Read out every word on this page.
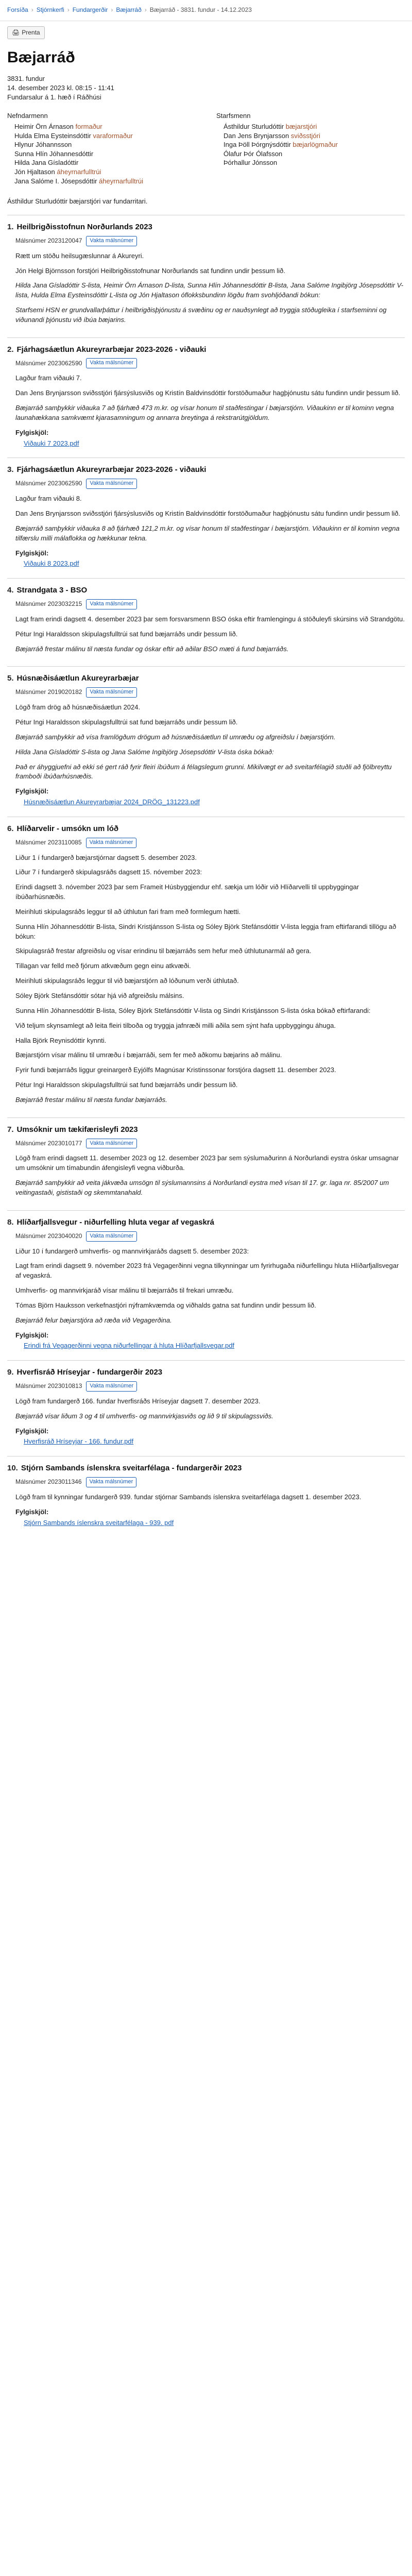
Forsíða › Stjórnkerfi › Fundargerðir › Bæjarráð › Bæjarráð - 3831. fundur - 14.12.2023
🖨 Prenta
Bæjarráð
3831. fundur
14. desember 2023 kl. 08:15 - 11:41
Fundarsalur á 1. hæð í Ráðhúsi
Nefndarmenn
Heimir Örn Árnason formaður
Hulda Elma Eysteinsdóttir varaformaður
Hlynur Jóhannsson
Sunna Hlín Jóhannesdóttir
Hilda Jana Gísladóttir
Jón Hjaltason áheyrnarfulltrúi
Jana Salóme I. Jósepsdóttir áheyrnarfulltrúi
Starfsmenn
Ásthildur Sturludóttir bæjarstjóri
Dan Jens Brynjarsson sviðsstjóri
Inga Þöll Þórgnýsdóttir bæjarlögmaður
Ólafur Þór Ólafsson
Þórhallur Jónsson
Ásthildur Sturludóttir bæjarstjóri var fundarritari.
1. Heilbrigðisstofnun Norðurlands 2023
Málsnúmer 2023120047	Vakta málsnúmer

Rætt um stöðu heilsugæslunnar á Akureyri.

Jón Helgi Björnsson forstjóri Heilbrigðisstofnunar Norðurlands sat fundinn undir þessum lið.

Hilda Jana Gísladóttir S-lista, Heimir Örn Árnason D-lista, Sunna Hlín Jóhannesdóttir B-lista, Jana Salóme Ingibjörg Jósepsdóttir V-lista, Hulda Elma Eysteinsdóttir L-lista og Jón Hjaltason óflokksbundinn lögðu fram svohljóðandi bókun:

Starfsemi HSN er grundvallarþáttur í heilbrigðisþjónustu á svæðinu og er nauðsynlegt að tryggja stöðugleika í starfseminni og viðunandi þjónustu við íbúa bæjarins.

2. Fjárhagsáætlun Akureyrarbæjar 2023-2026 - viðauki
Málsnúmer 2023062590	Vakta málsnúmer

Lagður fram viðauki 7.

Dan Jens Brynjarsson sviðsstjóri fjársýslusviðs og Kristín Baldvinsdóttir forstöðumaður hagþjónustu sátu fundinn undir þessum lið.

Bæjarráð samþykkir viðauka 7 að fjárhæð 473 m.kr. og vísar honum til staðfestingar í bæjarstjórn. Viðaukinn er til kominn vegna launahækkana samkvæmt kjarasamningum og annarra breytinga á rekstrarútgjöldum.

Fylgiskjöl:
Viðauki 7 2023.pdf
3. Fjárhagsáætlun Akureyrarbæjar 2023-2026 - viðauki
Málsnúmer 2023062590	Vakta málsnúmer

Lagður fram viðauki 8.

Dan Jens Brynjarsson sviðsstjóri fjársýslusviðs og Kristín Baldvinsdóttir forstöðumaður hagþjónustu sátu fundinn undir þessum lið.

Bæjarráð samþykkir viðauka 8 að fjárhæð 121,2 m.kr. og vísar honum til staðfestingar í bæjarstjórn. Viðaukinn er til kominn vegna tilfærslu milli málaflokka og hækkunar tekna.

Fylgiskjöl:
Viðauki 8 2023.pdf
4. Strandgata 3 - BSO
Málsnúmer 2023032215	Vakta málsnúmer

Lagt fram erindi dagsett 4. desember 2023 þar sem forsvarsmenn BSO óska eftir framlengingu á stöðuleyfi skúrsins við Strandgötu.

Pétur Ingi Haraldsson skipulagsfulltrúi sat fund bæjarráðs undir þessum lið.

Bæjarráð frestar málinu til næsta fundar og óskar eftir að aðilar BSO mæti á fund bæjarráðs.

5. Húsnæðisáætlun Akureyrarbæjar
Málsnúmer 2019020182	Vakta málsnúmer

Lögð fram drög að húsnæðisáætlun 2024.

Pétur Ingi Haraldsson skipulagsfulltrúi sat fund bæjarráðs undir þessum lið.

Bæjarráð samþykkir að vísa framlögðum drögum að húsnæðisáætlun til umræðu og afgreiðslu í bæjarstjórn.

Hilda Jana Gísladóttir S-lista og Jana Salóme Ingibjörg Jósepsdóttir V-lista óska bókað:

Það er áhyggjuefni að ekki sé gert ráð fyrir fleiri íbúðum á félagslegum grunni. Mikilvægt er að sveitarfélagið stuðli að fjölbreyttu framboði íbúðarhúsnæðis.

Fylgiskjöl:
Húsnæðisáætlun Akureyrarbæjar 2024_DRÖG_131223.pdf
6. Hlíðarvelir - umsókn um lóð
Málsnúmer 2023110085	Vakta málsnúmer

Liður 1 í fundargerð bæjarstjórnar dagsett 5. desember 2023.

Liður 7 í fundargerð skipulagsráðs dagsett 15. nóvember 2023:

Erindi dagsett 3. nóvember 2023 þar sem Frameit Húsbyggjendur ehf. sækja um lóðir við Hlíðarvelli til uppbyggingar íbúðarhúsnæðis.

Meirihluti skipulagsráðs leggur til að úthlutun fari fram með formlegum hætti.

Sunna Hlín Jóhannesdóttir B-lista, Sindri Kristjánsson S-lista og Sóley Björk Stefánsdóttir V-lista leggja fram eftirfarandi tillögu að bókun:

Skipulagsráð frestar afgreiðslu og vísar erindinu til bæjarráðs sem hefur með úthlutunarmál að gera.

Tillagan var felld með fjórum atkvæðum gegn einu atkvæði.

Meirihluti skipulagsráðs leggur til við bæjarstjórn að lóðunum verði úthlutað.

Sóley Björk Stefánsdóttir sótar hjá við afgreiðslu málsins.

Sunna Hlín Jóhannesdóttir B-lista, Sóley Björk Stefánsdóttir V-lista og Sindri Kristjánsson S-lista óska bókað eftirfarandi:

Við teljum skynsamlegt að leita fleiri tilboða og tryggja jafnræði milli aðila sem sýnt hafa uppbyggingu áhuga.

Halla Björk Reynisdóttir kynnti.

Bæjarstjórn vísar málinu til umræðu í bæjarráði, sem fer með aðkomu bæjarins að málinu.

Fyrir fundi bæjarráðs liggur greinargerð Eyjólfs Magnúsar Kristinssonar forstjóra dagsett 11. desember 2023.

Pétur Ingi Haraldsson skipulagsfulltrúi sat fund bæjarráðs undir þessum lið.

Bæjarráð frestar málinu til næsta fundar bæjarráðs.

7. Umsóknir um tækifærisleyfi 2023
Málsnúmer 2023010177	Vakta málsnúmer

Lögð fram erindi dagsett 11. desember 2023 og 12. desember 2023 þar sem sýslumaðurinn á Norðurlandi eystra óskar umsagnar um umsóknir um tímabundin áfengisleyfi vegna viðburða.

Bæjarráð samþykkir að veita jákvæða umsögn til sýslumannsins á Norðurlandi eystra með vísan til 17. gr. laga nr. 85/2007 um veitingastaði, gististaði og skemmtanahald.

8. Hlíðarfjallsvegur - niðurfelling hluta vegar af vegaskrá
Málsnúmer 2023040020	Vakta málsnúmer

Liður 10 í fundargerð umhverfis- og mannvirkjaráðs dagsett 5. desember 2023:

Lagt fram erindi dagsett 9. nóvember 2023 frá Vegagerðinni vegna tilkynningar um fyrirhugaða niðurfellingu hluta Hlíðarfjallsvegar af vegaskrá.

Umhverfis- og mannvirkjaráð vísar málinu til bæjarráðs til frekari umræðu.

Tómas Björn Hauksson verkefnastjóri nýframkvæmda og viðhalds gatna sat fundinn undir þessum lið.

Bæjarráð felur bæjarstjóra að ræða við Vegagerðina.

Fylgiskjöl:
Erindi frá Vegagerðinni vegna niðurfellingar á hluta Hlíðarfjallsvegar.pdf
9. Hverfisráð Hríseyjar - fundargerðir 2023
Málsnúmer 2023010813	Vakta málsnúmer

Lögð fram fundargerð 166. fundar hverfisráðs Hríseyjar dagsett 7. desember 2023.

Bæjarráð vísar liðum 3 og 4 til umhverfis- og mannvirkjasviðs og lið 9 til skipulagssviðs.

Fylgiskjöl:
Hverfisráð Hríseyjar - 166. fundur.pdf
10. Stjórn Sambands íslenskra sveitarfélaga - fundargerðir 2023
Málsnúmer 2023011346	Vakta málsnúmer

Lögð fram til kynningar fundargerð 939. fundar stjórnar Sambands íslenskra sveitarfélaga dagsett 1. desember 2023.

Fylgiskjöl:
Stjórn Sambands íslenskra sveitarfélaga - 939. pdf
